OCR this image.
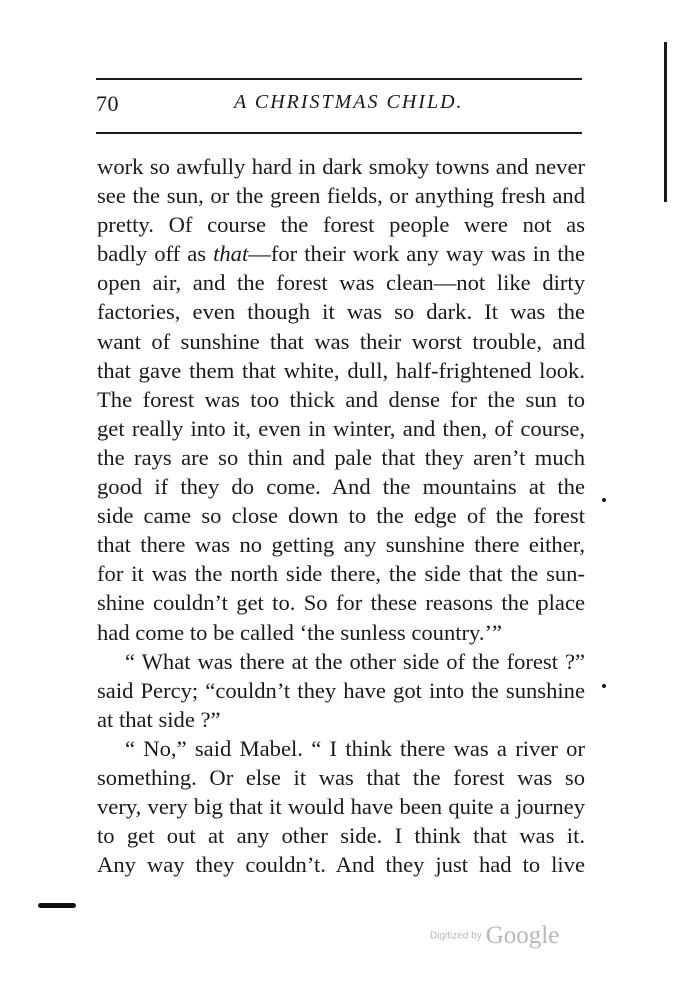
70	A CHRISTMAS CHILD.
work so awfully hard in dark smoky towns and never
see the sun, or the green fields, or anything fresh and
pretty. Of course the forest people were not as
badly off as that—for their work any way was in the
open air, and the forest was clean—not like dirty
factories, even though it was so dark. It was the
want of sunshine that was their worst trouble, and
that gave them that white, dull, half-frightened look.
The forest was too thick and dense for the sun to
get really into it, even in winter, and then, of course,
the rays are so thin and pale that they aren’t much
good if they do come. And the mountains at the
side came so close down to the edge of the forest
that there was no getting any sunshine there either,
for it was the north side there, the side that the sun-
shine couldn’t get to. So for these reasons the place
had come to be called ‘the sunless country.’”
“ What was there at the other side of the forest ?”
said Percy; “couldn’t they have got into the sunshine
at that side ?”
“ No,” said Mabel. “ I think there was a river or
something. Or else it was that the forest was so
very, very big that it would have been quite a journey
to get out at any other side. I think that was it.
Any way they couldn’t. And they just had to live
Digitized by Google
